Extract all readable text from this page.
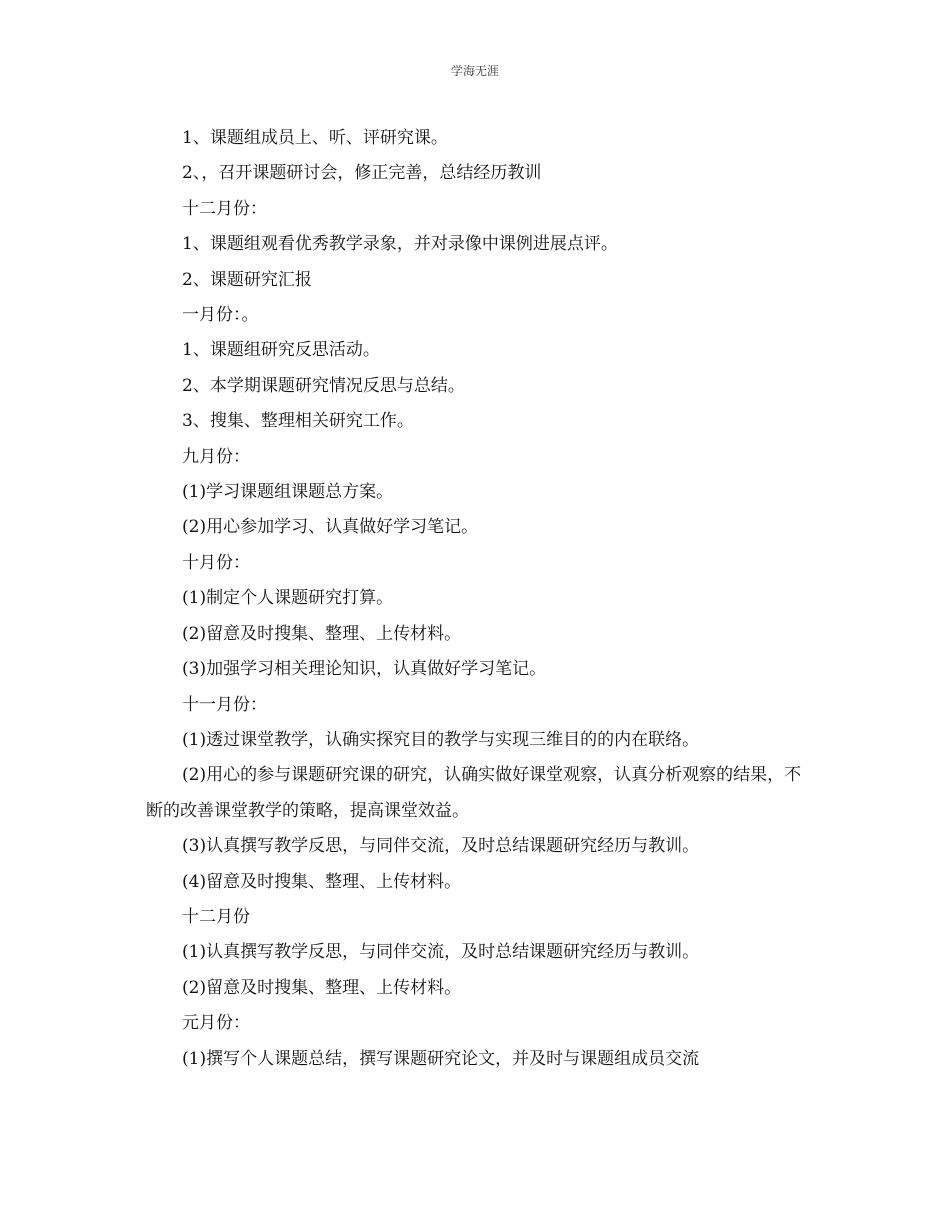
学海无涯

1、课题组成员上、听、评研究课。

2、，召开课题研讨会，修正完善，总结经历教训

十二月份：

1、课题组观看优秀教学录象，并对录像中课例进展点评。

2、课题研究汇报

一月份：。

1、课题组研究反思活动。

2、本学期课题研究情况反思与总结。

3、搜集、整理相关研究工作。

九月份：

(1)学习课题组课题总方案。

(2)用心参加学习、认真做好学习笔记。

十月份：

(1)制定个人课题研究打算。

(2)留意及时搜集、整理、上传材料。

(3)加强学习相关理论知识，认真做好学习笔记。

十一月份：

(1)透过课堂教学，认确实探究目的教学与实现三维目的的内在联络。

(2)用心的参与课题研究课的研究，认确实做好课堂观察，认真分析观察的结果，不断的改善课堂教学的策略，提高课堂效益。

(3)认真撰写教学反思，与同伴交流，及时总结课题研究经历与教训。

(4)留意及时搜集、整理、上传材料。

十二月份

(1)认真撰写教学反思，与同伴交流，及时总结课题研究经历与教训。

(2)留意及时搜集、整理、上传材料。

元月份：

(1)撰写个人课题总结，撰写课题研究论文，并及时与课题组成员交流
